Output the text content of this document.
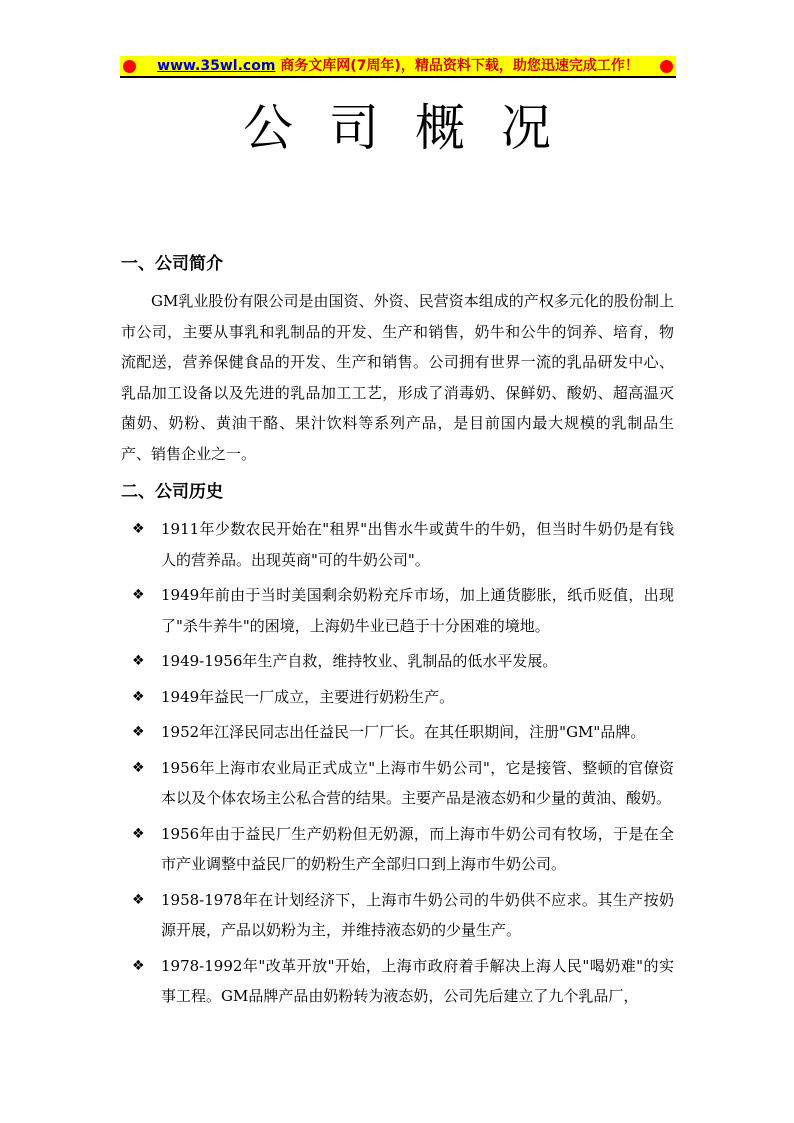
www.35wl.com 商务文库网(7周年)，精品资料下载，助您迅速完成工作！
公司概况
一、公司简介
GM乳业股份有限公司是由国资、外资、民营资本组成的产权多元化的股份制上市公司，主要从事乳和乳制品的开发、生产和销售，奶牛和公牛的饲养、培育，物流配送，营养保健食品的开发、生产和销售。公司拥有世界一流的乳品研发中心、乳品加工设备以及先进的乳品加工工艺，形成了消毒奶、保鲜奶、酸奶、超高温灭菌奶、奶粉、黄油干酪、果汁饮料等系列产品，是目前国内最大规模的乳制品生产、销售企业之一。
二、公司历史
❖ 1911年少数农民开始在"租界"出售水牛或黄牛的牛奶，但当时牛奶仍是有钱人的营养品。出现英商"可的牛奶公司"。
❖ 1949年前由于当时美国剩余奶粉充斥市场，加上通货膨胀，纸币贬值，出现了"杀牛养牛"的困境，上海奶牛业已趋于十分困难的境地。
❖ 1949-1956年生产自救，维持牧业、乳制品的低水平发展。
❖ 1949年益民一厂成立，主要进行奶粉生产。
❖ 1952年江泽民同志出任益民一厂厂长。在其任职期间，注册"GM"品牌。
❖ 1956年上海市农业局正式成立"上海市牛奶公司"，它是接管、整顿的官僚资本以及个体农场主公私合营的结果。主要产品是液态奶和少量的黄油、酸奶。
❖ 1956年由于益民厂生产奶粉但无奶源，而上海市牛奶公司有牧场，于是在全市产业调整中益民厂的奶粉生产全部归口到上海市牛奶公司。
❖ 1958-1978年在计划经济下，上海市牛奶公司的牛奶供不应求。其生产按奶源开展，产品以奶粉为主，并维持液态奶的少量生产。
❖ 1978-1992年"改革开放"开始，上海市政府着手解决上海人民"喝奶难"的实事工程。GM品牌产品由奶粉转为液态奶，公司先后建立了九个乳品厂，
